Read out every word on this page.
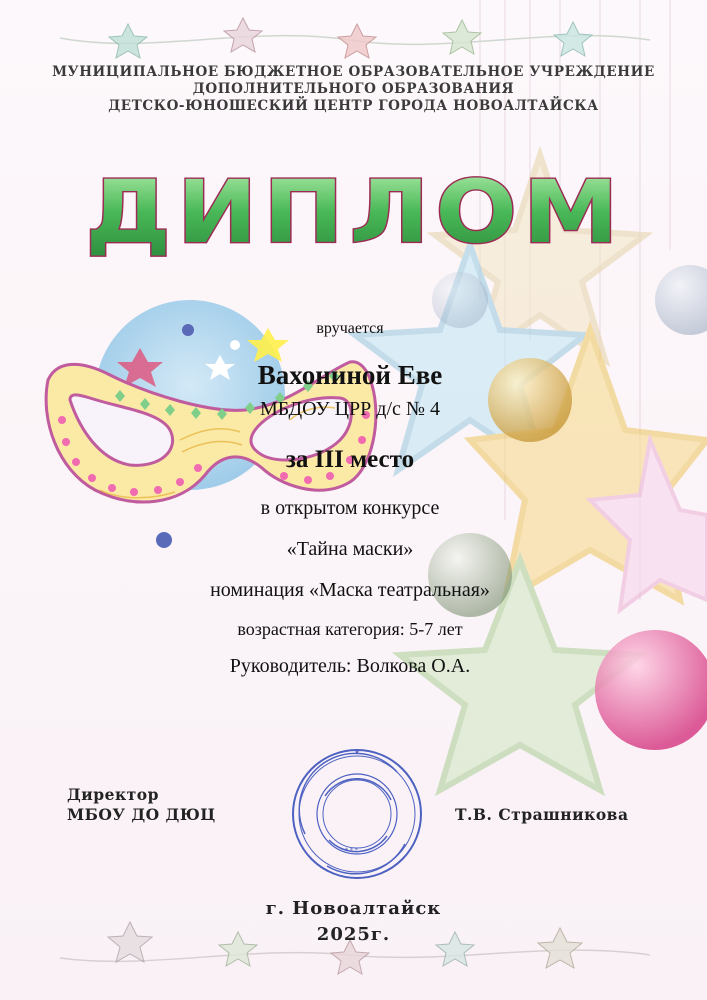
★
* * *
МУНИЦИПАЛЬНОЕ БЮДЖЕТНОЕ ОБРАЗОВАТЕЛЬНОЕ УЧРЕЖДЕНИЕ
ДОПОЛНИТЕЛЬНОГО ОБРАЗОВАНИЯ
ДЕТСКО-ЮНОШЕСКИЙ ЦЕНТР ГОРОДА НОВОАЛТАЙСКА
ДИПЛОМ
вручается
Вахониной Еве
МБДОУ ЦРР д/с № 4
за III место
в открытом конкурсе
«Тайна маски»
номинация «Маска театральная»
возрастная категория: 5-7 лет
Руководитель: Волкова О.А.
Директор
МБОУ ДО ДЮЦ	Т.В. Страшникова
г. Новоалтайск
2025г.
